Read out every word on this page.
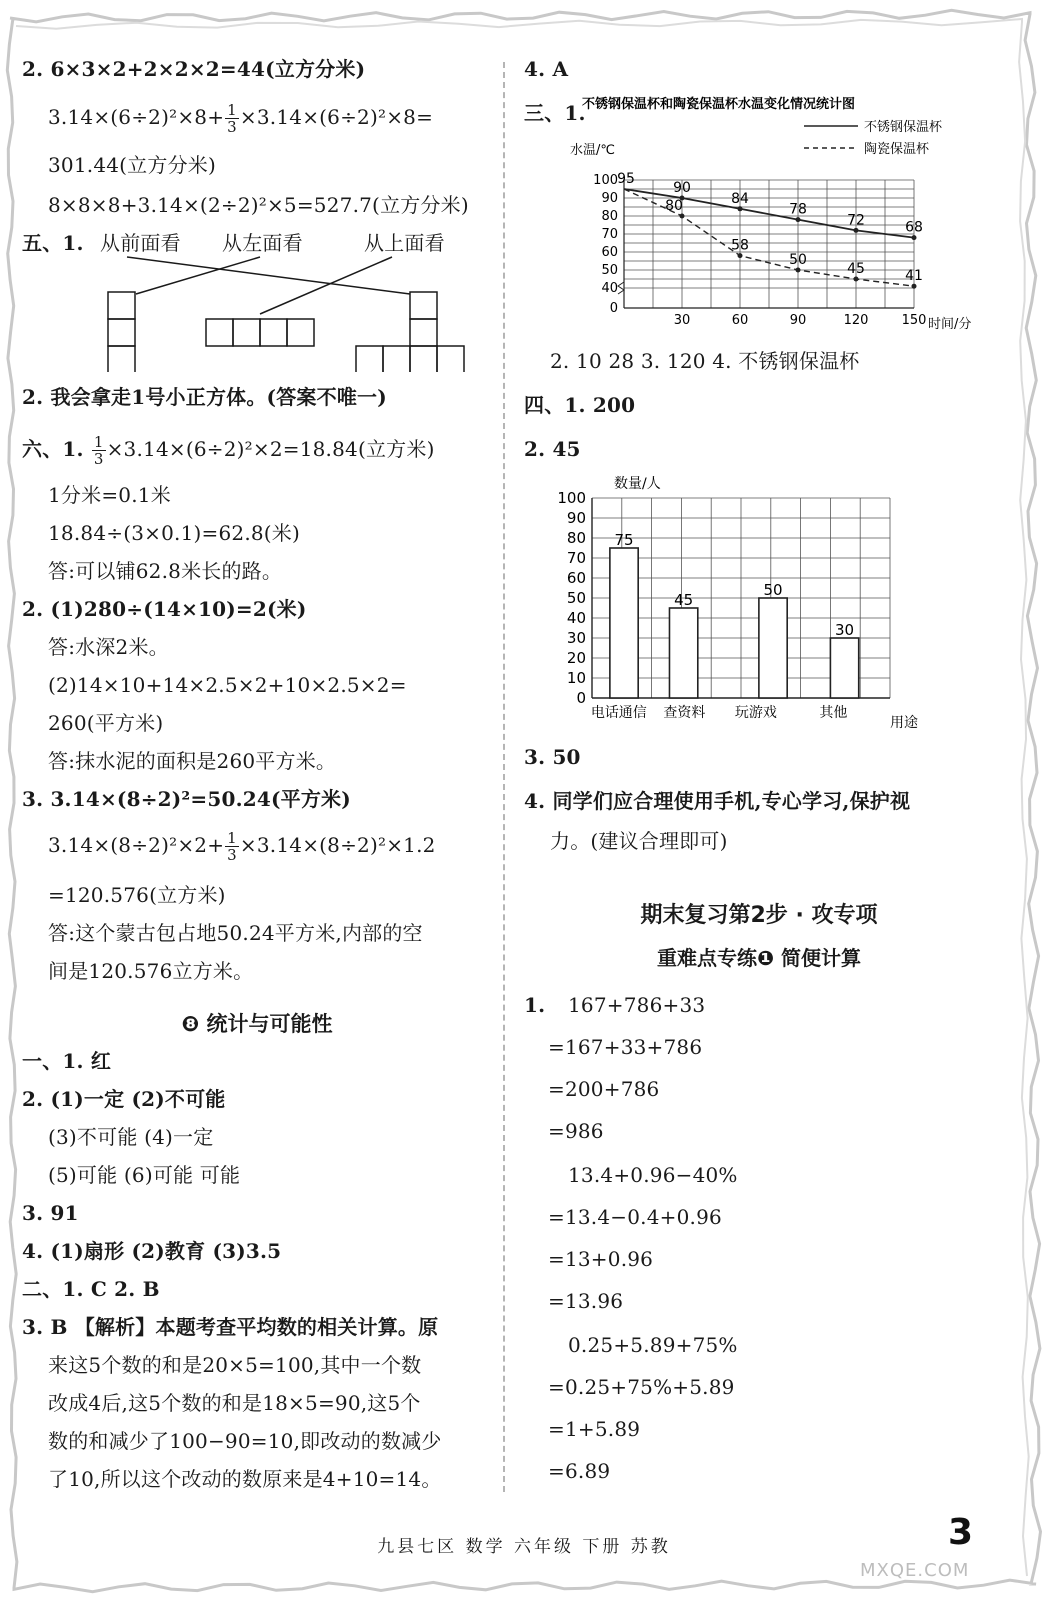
2. 6×3×2+2×2×2=44(立方分米)
$3.14\times(6\div 2)^2\times 8+ \frac{1}{3} \times 3.14\times(6\div 2)^2\times 8=$
301.44(立方分米)
8×8×8+3.14×(2÷2)²×5=527.7(立方分米)
五、1. 从前面看 从左面看	从上面看
2. 我会拿走1号小正方体。(答案不唯一)
六、1. $\frac{1}{3} \times 3.14\times(6\div 2)^2\times 2=18.84$(立方米)
1分米=0.1米
18.84÷(3×0.1)=62.8(米)
答:可以铺62.8米长的路。
2. (1)280÷(14×10)=2(米)
答:水深2米。
(2)14×10+14×2.5×2+10×2.5×2=
260(平方米)
答:抹水泥的面积是260平方米。
3. 3.14×(8÷2)²=50.24(平方米)
$3.14\times(8\div 2)^2\times 2+ \frac{1}{3} \times 3.14\times(8\div 2)^2\times 1.2$
=120.576(立方米)
答:这个蒙古包占地50.24平方米,内部的空
间是120.576立方米。
❽ 统计与可能性
一、1. 红
2. (1)一定 (2)不可能
(3)不可能 (4)一定
(5)可能 (6)可能 可能
3. 91
4. (1)扇形 (2)教育 (3)3.5
二、1. C 2. B
3. B 【解析】本题考查平均数的相关计算。原
来这5个数的和是20×5=100,其中一个数
改成4后,这5个数的和是18×5=90,这5个
数的和减少了100−90=10,即改动的数减少
了10,所以这个改动的数原来是4+10=14。
4. A
三、1.
不锈钢保温杯和陶瓷保温杯水温变化情况统计图
不锈钢保温杯
陶瓷保温杯
水温/℃
0
40
50
60
70
80
90
100
30	60	90	120	150
95
90
84
78
72	68
80
58
50
45	41
时间/分
2. 10 28 3. 120 4. 不锈钢保温杯
四、1. 200
2. 45
数量/人
0
10
20
30
40
50
60
70
80
90
100
75
电话通信
45
查资料
50
玩游戏
30
其他
用途
3. 50
4. 同学们应合理使用手机,专心学习,保护视
力。(建议合理即可)
期末复习第2步 · 攻专项
重难点专练❶ 简便计算
1. 167+786+33
=167+33+786
=200+786
=986
13.4+0.96−40%
=13.4−0.4+0.96
=13+0.96
=13.96
0.25+5.89+75%
=0.25+75%+5.89
=1+5.89
=6.89
九县七区 数学 六年级 下册 苏教	3
MXQE.COM
